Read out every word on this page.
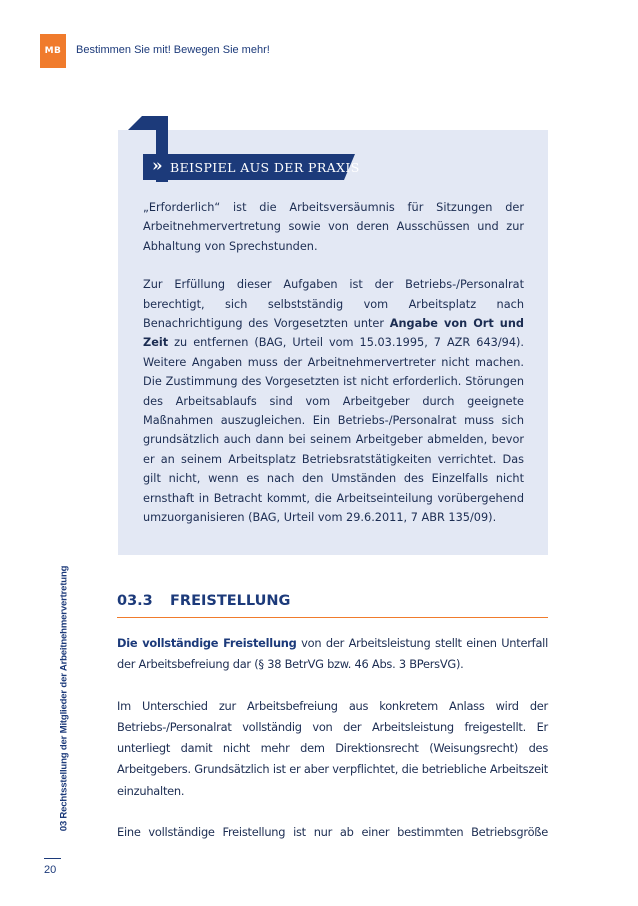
MB Bestimmen Sie mit! Bewegen Sie mehr!
03 Rechtsstellung der Mitglieder der Arbeitnehmervertretung
20
» BEISPIEL AUS DER PRAXIS

„Erforderlich“ ist die Arbeitsversäumnis für Sitzungen der Arbeitnehmervertretung sowie von deren Ausschüssen und zur Abhaltung von Sprechstunden.

Zur Erfüllung dieser Aufgaben ist der Betriebs-/Personalrat berechtigt, sich selbstständig vom Arbeitsplatz nach Benachrichtigung des Vorgesetzten unter Angabe von Ort und Zeit zu entfernen (BAG, Urteil vom 15.03.1995, 7 AZR 643/94). Weitere Angaben muss der Arbeitnehmervertreter nicht machen. Die Zustimmung des Vorgesetzten ist nicht erforderlich. Störungen des Arbeitsablaufs sind vom Arbeitgeber durch geeignete Maßnahmen auszugleichen. Ein Betriebs-/Personalrat muss sich grundsätzlich auch dann bei seinem Arbeitgeber abmelden, bevor er an seinem Arbeitsplatz Betriebsratstätigkeiten verrichtet. Das gilt nicht, wenn es nach den Umständen des Einzelfalls nicht ernsthaft in Betracht kommt, die Arbeitseinteilung vorübergehend umzuorganisieren (BAG, Urteil vom 29.6.2011, 7 ABR 135/09).

03.3	FREISTELLUNG

Die vollständige Freistellung von der Arbeitsleistung stellt einen Unterfall der Arbeitsbefreiung dar (§ 38 BetrVG bzw. 46 Abs. 3 BPersVG).

Im Unterschied zur Arbeitsbefreiung aus konkretem Anlass wird der Betriebs-/Personalrat vollständig von der Arbeitsleistung freigestellt. Er unterliegt damit nicht mehr dem Direktionsrecht (Weisungsrecht) des Arbeitgebers. Grundsätzlich ist er aber verpflichtet, die betriebliche Arbeitszeit einzuhalten.

Eine vollständige Freistellung ist nur ab einer bestimmten Betriebsgröße
